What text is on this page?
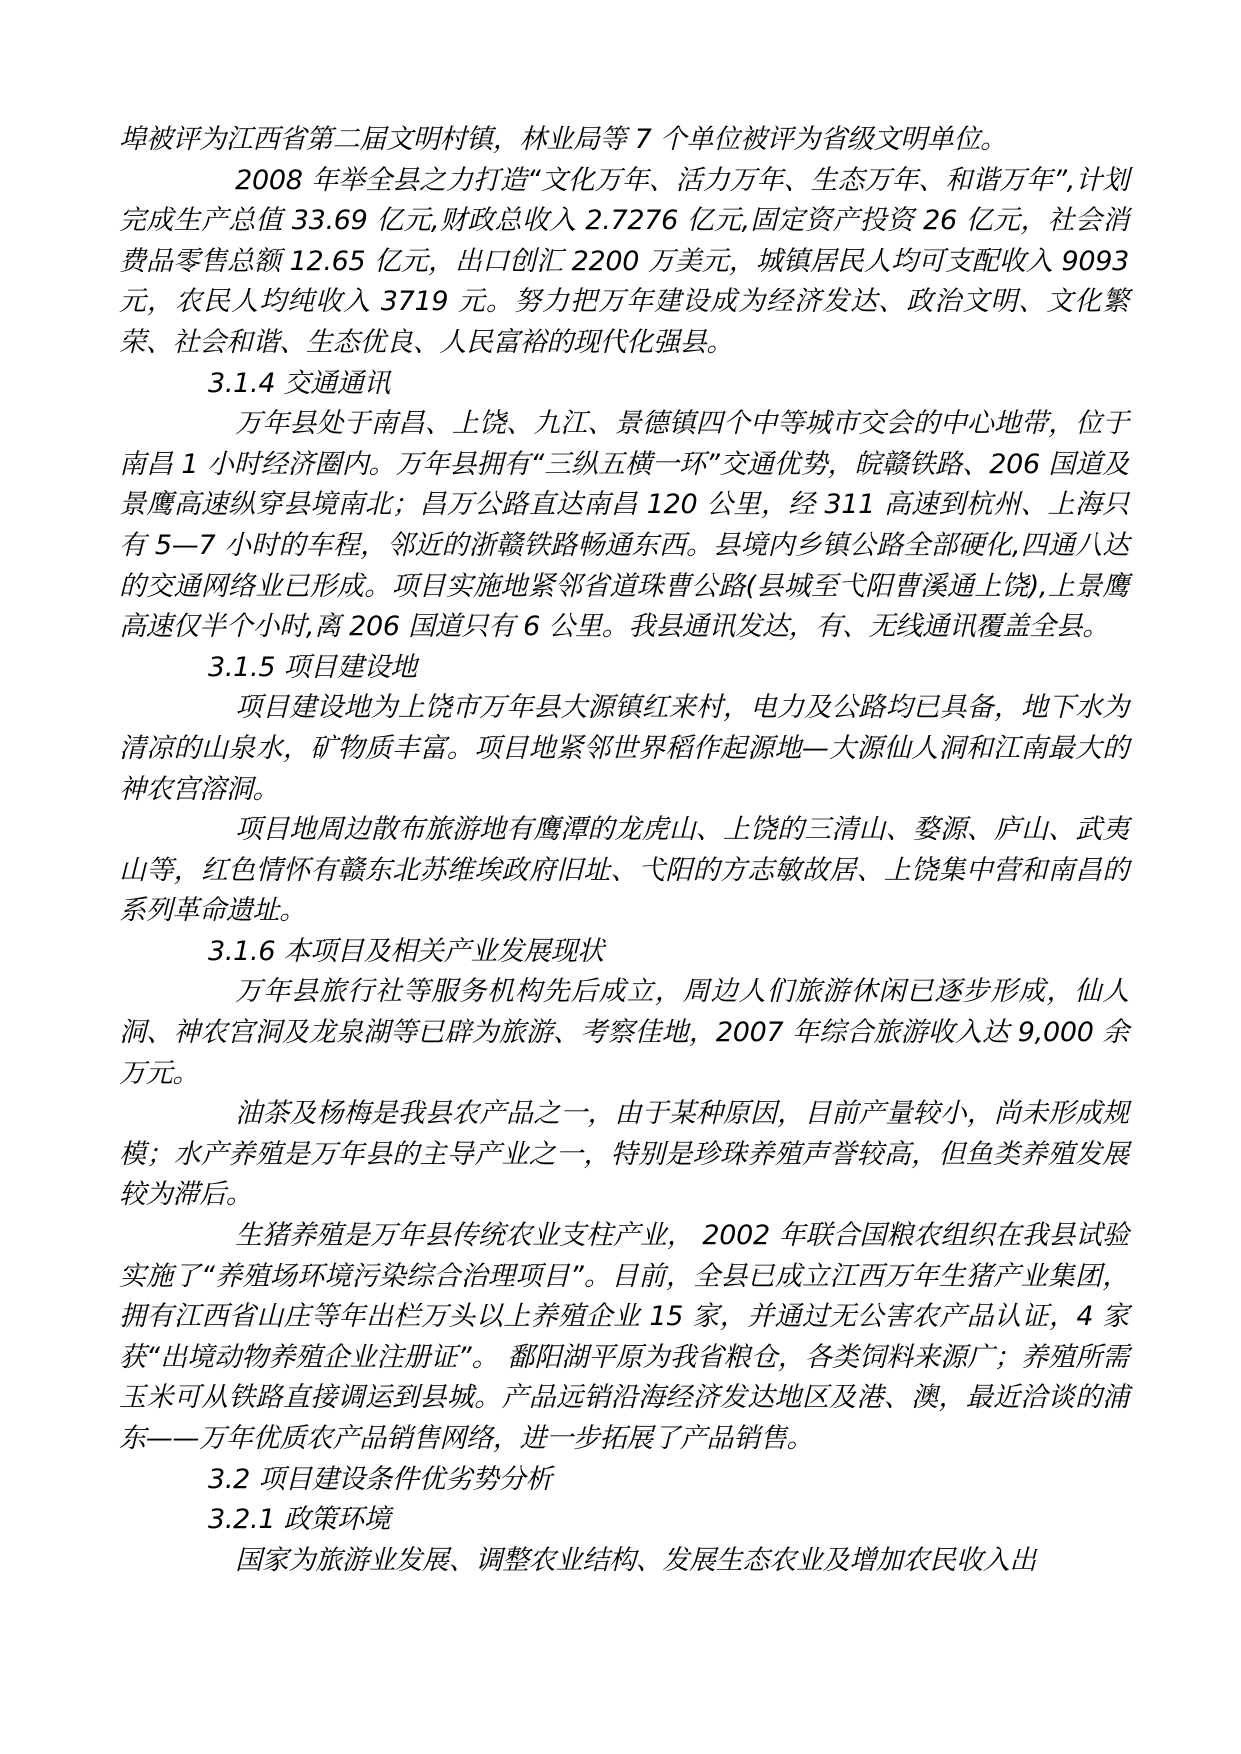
埠被评为江西省第二届文明村镇，林业局等 7 个单位被评为省级文明单位。

2008 年举全县之力打造“文化万年、活力万年、生态万年、和谐万年”,计划完成生产总值 33.69 亿元,财政总收入 2.7276 亿元,固定资产投资 26 亿元，社会消费品零售总额 12.65 亿元，出口创汇 2200 万美元，城镇居民人均可支配收入 9093 元，农民人均纯收入 3719 元。努力把万年建设成为经济发达、政治文明、文化繁荣、社会和谐、生态优良、人民富裕的现代化强县。

3.1.4 交通通讯

万年县处于南昌、上饶、九江、景德镇四个中等城市交会的中心地带，位于南昌 1 小时经济圈内。万年县拥有“三纵五横一环”交通优势，皖赣铁路、206 国道及景鹰高速纵穿县境南北；昌万公路直达南昌 120 公里，经 311 高速到杭州、上海只有 5—7 小时的车程，邻近的浙赣铁路畅通东西。县境内乡镇公路全部硬化,四通八达的交通网络业已形成。项目实施地紧邻省道珠曹公路(县城至弋阳曹溪通上饶),上景鹰高速仅半个小时,离 206 国道只有 6 公里。我县通讯发达，有、无线通讯覆盖全县。

3.1.5 项目建设地

项目建设地为上饶市万年县大源镇红来村，电力及公路均已具备，地下水为清凉的山泉水，矿物质丰富。项目地紧邻世界稻作起源地—大源仙人洞和江南最大的神农宫溶洞。

项目地周边散布旅游地有鹰潭的龙虎山、上饶的三清山、婺源、庐山、武夷山等，红色情怀有赣东北苏维埃政府旧址、弋阳的方志敏故居、上饶集中营和南昌的系列革命遗址。

3.1.6 本项目及相关产业发展现状

万年县旅行社等服务机构先后成立，周边人们旅游休闲已逐步形成，仙人洞、神农宫洞及龙泉湖等已辟为旅游、考察佳地，2007 年综合旅游收入达 9,000 余万元。

油茶及杨梅是我县农产品之一，由于某种原因，目前产量较小，尚未形成规模；水产养殖是万年县的主导产业之一，特别是珍珠养殖声誉较高，但鱼类养殖发展较为滞后。

生猪养殖是万年县传统农业支柱产业， 2002 年联合国粮农组织在我县试验实施了“养殖场环境污染综合治理项目”。目前，全县已成立江西万年生猪产业集团，拥有江西省山庄等年出栏万头以上养殖企业 15 家，并通过无公害农产品认证，4 家获“出境动物养殖企业注册证”。 鄱阳湖平原为我省粮仓，各类饲料来源广；养殖所需玉米可从铁路直接调运到县城。产品远销沿海经济发达地区及港、澳，最近洽谈的浦东——万年优质农产品销售网络，进一步拓展了产品销售。

3.2 项目建设条件优劣势分析

3.2.1 政策环境

国家为旅游业发展、调整农业结构、发展生态农业及增加农民收入出
